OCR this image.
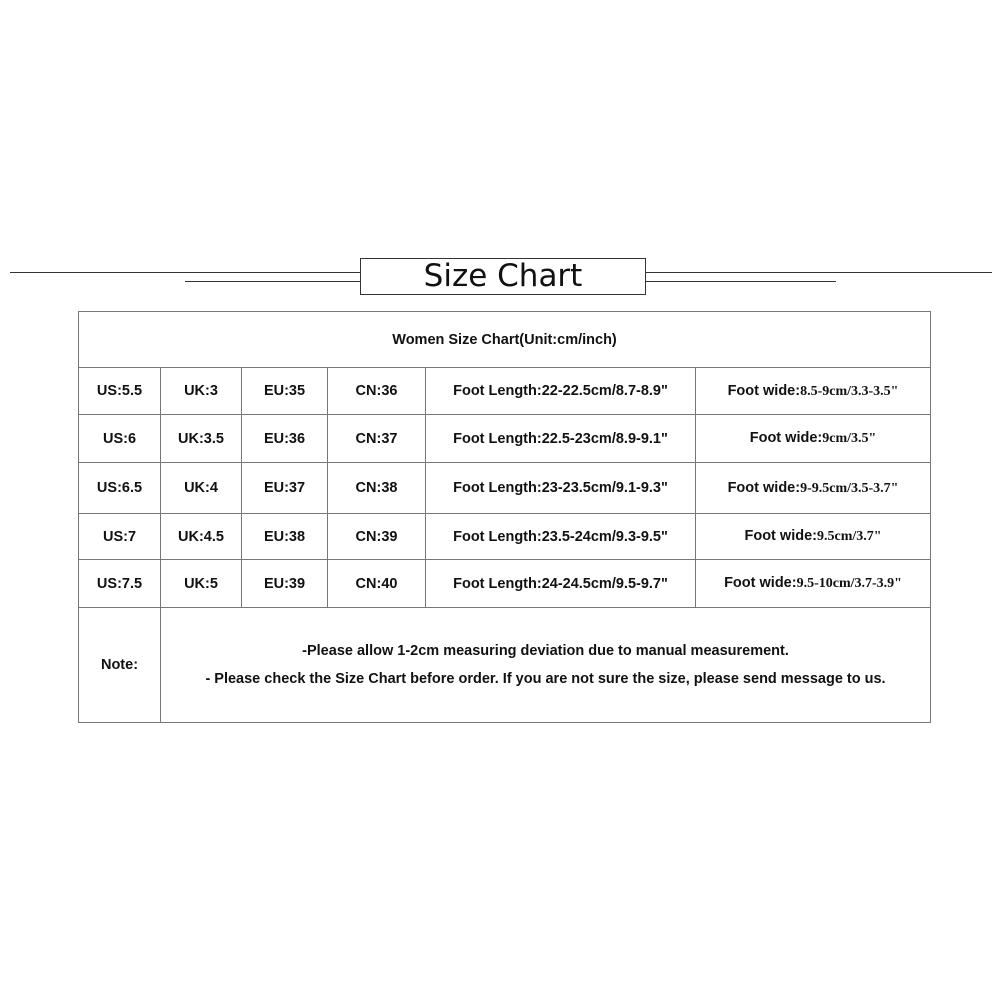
Size Chart
Women Size Chart(Unit:cm/inch)					
US:5.5	UK:3	EU:35	CN:36	Foot Length:22-22.5cm/8.7-8.9"	Foot wide:8.5-9cm/3.3-3.5"
US:6	UK:3.5	EU:36	CN:37	Foot Length:22.5-23cm/8.9-9.1"	Foot wide:9cm/3.5"
US:6.5	UK:4	EU:37	CN:38	Foot Length:23-23.5cm/9.1-9.3"	Foot wide:9-9.5cm/3.5-3.7"
US:7	UK:4.5	EU:38	CN:39	Foot Length:23.5-24cm/9.3-9.5"	Foot wide:9.5cm/3.7"
US:7.5	UK:5	EU:39	CN:40	Foot Length:24-24.5cm/9.5-9.7"	Foot wide:9.5-10cm/3.7-3.9"
Note:	-Please allow 1-2cm measuring deviation due to manual measurement.
- Please check the Size Chart before order. If you are not sure the size, please send message to us.				
